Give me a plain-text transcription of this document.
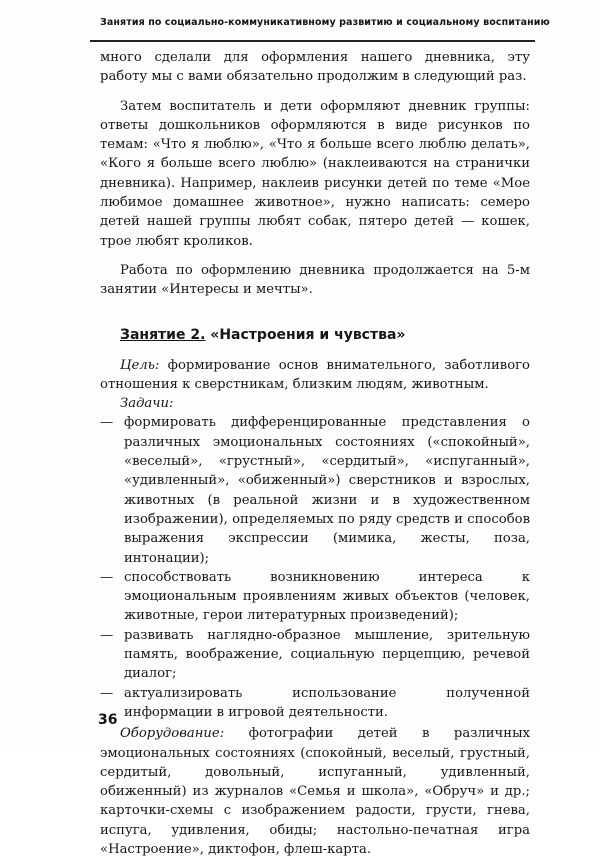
Занятия по социально-коммуникативному развитию и социальному воспитанию

много сделали для оформления нашего дневника, эту работу мы с вами обязательно продолжим в следующий раз.

Затем воспитатель и дети оформляют дневник группы: ответы дошкольников оформляются в виде рисунков по темам: «Что я люблю», «Что я больше всего люблю делать», «Кого я больше всего люблю» (наклеиваются на странички дневника). Например, наклеив рисунки детей по теме «Мое любимое домашнее животное», нужно написать: семеро детей нашей группы любят собак, пятеро детей — кошек, трое любят кроликов.

Работа по оформлению дневника продолжается на 5-м занятии «Интересы и мечты».

Занятие 2. «Настроения и чувства»

Цель: формирование основ внимательного, заботливого отношения к сверстникам, близким людям, животным.

Задачи:

— формировать дифференцированные представления о различных эмоциональных состояниях («спокойный», «веселый», «грустный», «сердитый», «испуганный», «удивленный», «обиженный») сверстников и взрослых, животных (в реальной жизни и в художественном изображении), определяемых по ряду средств и способов выражения экспрессии (мимика, жесты, поза, интонации);
— способствовать возникновению интереса к эмоциональным проявлениям живых объектов (человек, животные, герои литературных произведений);
— развивать наглядно-образное мышление, зрительную память, воображение, социальную перцепцию, речевой диалог;
— актуализировать использование полученной информации в игровой деятельности.

Оборудование: фотографии детей в различных эмоциональных состояниях (спокойный, веселый, грустный, сердитый, довольный, испуганный, удивленный, обиженный) из журналов «Семья и школа», «Обруч» и др.; карточки-схемы с изображением радости, грусти, гнева, испуга, удивления, обиды; настольно-печатная игра «Настроение», диктофон, флеш-карта.

36
